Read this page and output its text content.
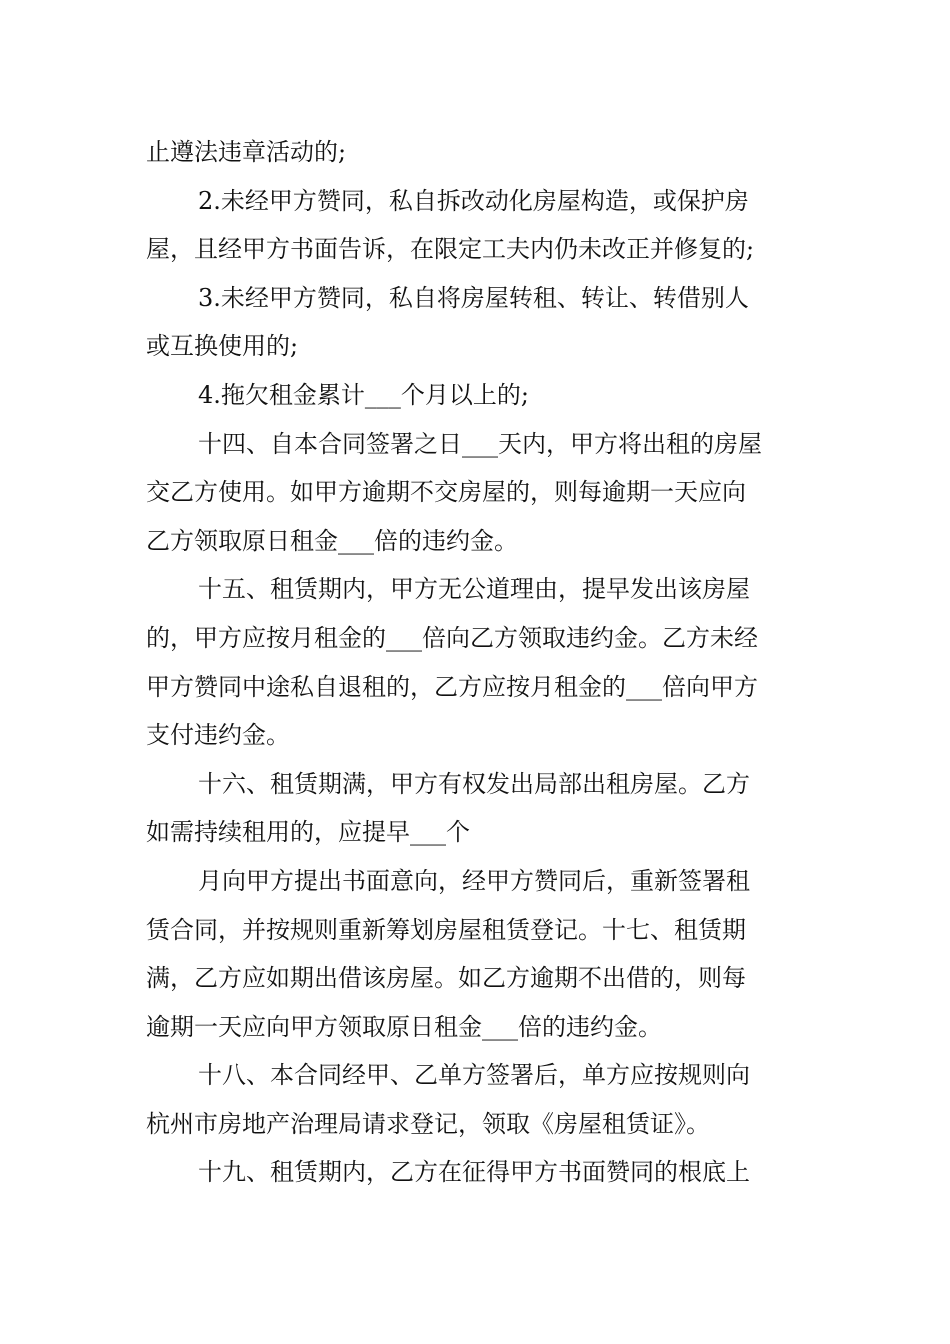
止遵法违章活动的;
2.未经甲方赞同，私自拆改动化房屋构造，或保护房
屋，且经甲方书面告诉，在限定工夫内仍未改正并修复的;
3.未经甲方赞同，私自将房屋转租、转让、转借别人
或互换使用的;
4.拖欠租金累计___个月以上的;
十四、自本合同签署之日___天内，甲方将出租的房屋
交乙方使用。如甲方逾期不交房屋的，则每逾期一天应向
乙方领取原日租金___倍的违约金。
十五、租赁期内，甲方无公道理由，提早发出该房屋
的，甲方应按月租金的___倍向乙方领取违约金。乙方未经
甲方赞同中途私自退租的，乙方应按月租金的___倍向甲方
支付违约金。
十六、租赁期满，甲方有权发出局部出租房屋。乙方
如需持续租用的，应提早___个
月向甲方提出书面意向，经甲方赞同后，重新签署租
赁合同，并按规则重新筹划房屋租赁登记。十七、租赁期
满，乙方应如期出借该房屋。如乙方逾期不出借的，则每
逾期一天应向甲方领取原日租金___倍的违约金。
十八、本合同经甲、乙单方签署后，单方应按规则向
杭州市房地产治理局请求登记，领取《房屋租赁证》。
十九、租赁期内，乙方在征得甲方书面赞同的根底上
